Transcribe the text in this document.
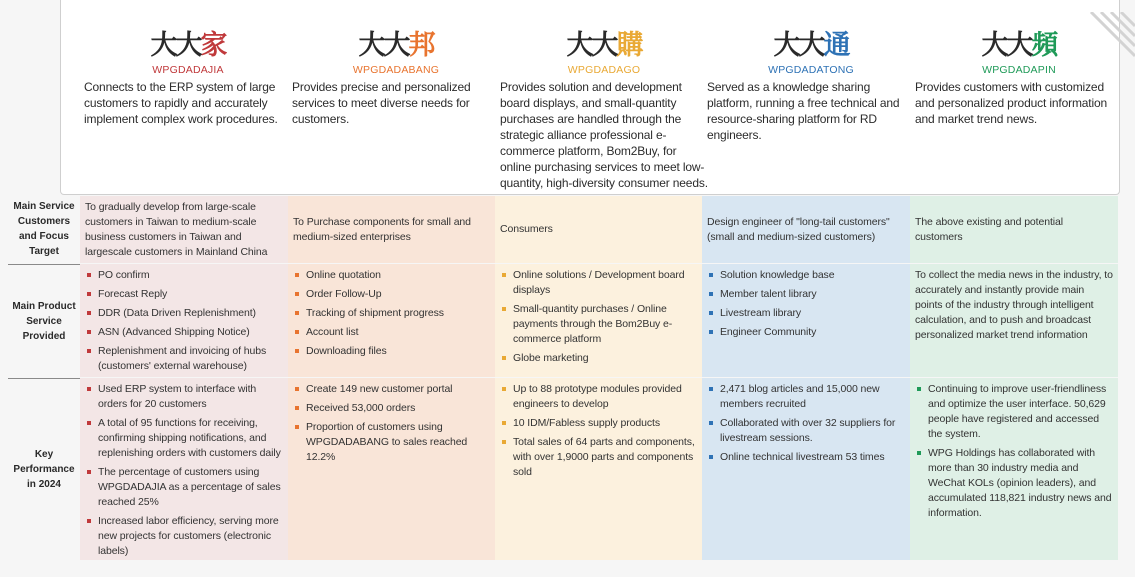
大大 家
WPGDADAJIA
Connects to the ERP system of large customers to rapidly and accurately implement complex work procedures.
大大 邦
WPGDADABANG
Provides precise and personalized services to meet diverse needs for customers.
大大 購
WPGDADAGO
Provides solution and development board displays, and small-quantity purchases are handled through the strategic alliance professional e-commerce platform, Bom2Buy, for online purchasing services to meet low-quantity, high-diversity consumer needs.
大大 通
WPGDADATONG
Served as a knowledge sharing platform, running a free technical and resource-sharing platform for RD engineers.
大大 頻
WPGDADAPIN
Provides customers with customized and personalized product information and market trend news.
Main Service Customers and Focus Target
Main Product Service Provided
Key Performance in 2024
To gradually develop from large-scale customers in Taiwan to medium-scale business customers in Taiwan and largescale customers in Mainland China
To Purchase components for small and medium-sized enterprises
Consumers
Design engineer of "long-tail customers"(small and medium-sized customers)
The above existing and potential customers
PO confirm
Forecast Reply
DDR (Data Driven Replenishment)
ASN (Advanced Shipping Notice)
Replenishment and invoicing of hubs (customers' external warehouse)
Online quotation
Order Follow-Up
Tracking of shipment progress
Account list
Downloading files
Online solutions / Development board displays
Small-quantity purchases / Online payments through the Bom2Buy e-commerce platform
Globe marketing
Solution knowledge base
Member talent library
Livestream library
Engineer Community
To collect the media news in the industry, to accurately and instantly provide main points of the industry through intelligent calculation, and to push and broadcast personalized market trend information
Used ERP system to interface with orders for 20 customers
A total of 95 functions for receiving, confirming shipping notifications, and replenishing orders with customers daily
The percentage of customers using WPGDADAJIA as a percentage of sales reached 25%
Increased labor efficiency, serving more new projects for customers (electronic labels)
Create 149 new customer portal
Received 53,000 orders
Proportion of customers using WPGDADABANG to sales reached 12.2%
Up to 88 prototype modules provided engineers to develop
10 IDM/Fabless supply products
Total sales of 64 parts and components, with over 1,9000 parts and components sold
2,471 blog articles and 15,000 new members recruited
Collaborated with over 32 suppliers for livestream sessions.
Online technical livestream 53 times
Continuing to improve user-friendliness and optimize the user interface. 50,629 people have registered and accessed the system.
WPG Holdings has collaborated with more than 30 industry media and WeChat KOLs (opinion leaders), and accumulated 118,821 industry news and information.
